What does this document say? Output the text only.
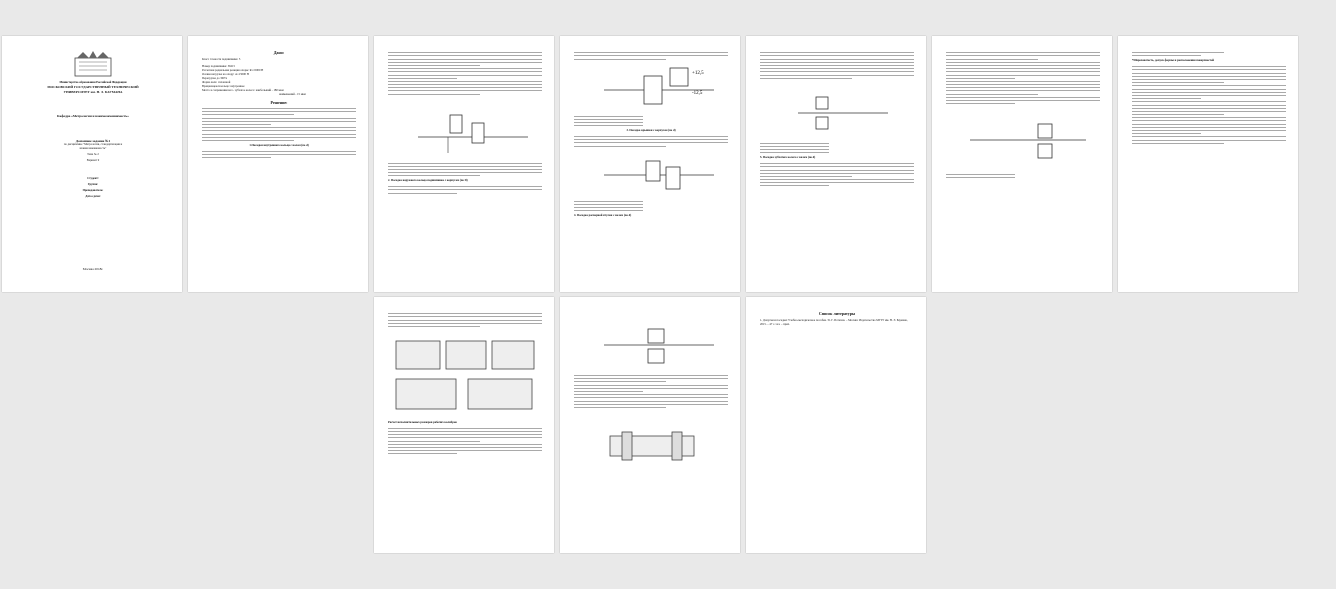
Министерство образования Российской Федерации
МОСКОВСКИЙ ГОСУДАРСТВЕННЫЙ ТЕХНИЧЕСКИЙ
УНИВЕРСИТЕТ им. Н. Э. БАУМАНА
Кафедра «Метрология и взаимозаменяемость»
Домашнее задание №1
по дисциплине "Метрология, стандартизация и
взаимозаменяемость"
Тема № 2
Вариант 9
Студент:
Группа:
Преподаватель:
Дата сдачи:
Москва 2018г.
Дано:
Класс точности подшипника: 5
Номер подшипника: 36215
Расчетная радиальная реакция опоры: R=15000 Н
Осевая нагрузка на опору: A=15000 Н
Перегрузка до 300%
Форма вала: сплошной
Вращающееся кольцо: внутреннее
Место в сопряжении вал - зубчатое колесо: наибольший - 180 мкм
наименьший - 15 мкм
Решение:
1.Посадки внутреннего кольца с валом (по d)
2. Посадка наружного кольца подшипника с корпусом (по D)
+12,5
-12,5
3. Посадка крышки с корпусом (по d)
4. Посадка распорной втулки с валом (по d)
5. Посадка зубчатого колеса с валом (по d)
*Шероховатость, допуск формы и расположения поверхностей
Расчет исполнительных размеров рабочих калибров
Список литературы
1. Допуски и посадки: Учебно-методическое пособие / Б. Г. Потапов. – Москва: Издательство МГТУ им. Н. Э. Баумана, 2015. – 47 с.: ил. – прил.
